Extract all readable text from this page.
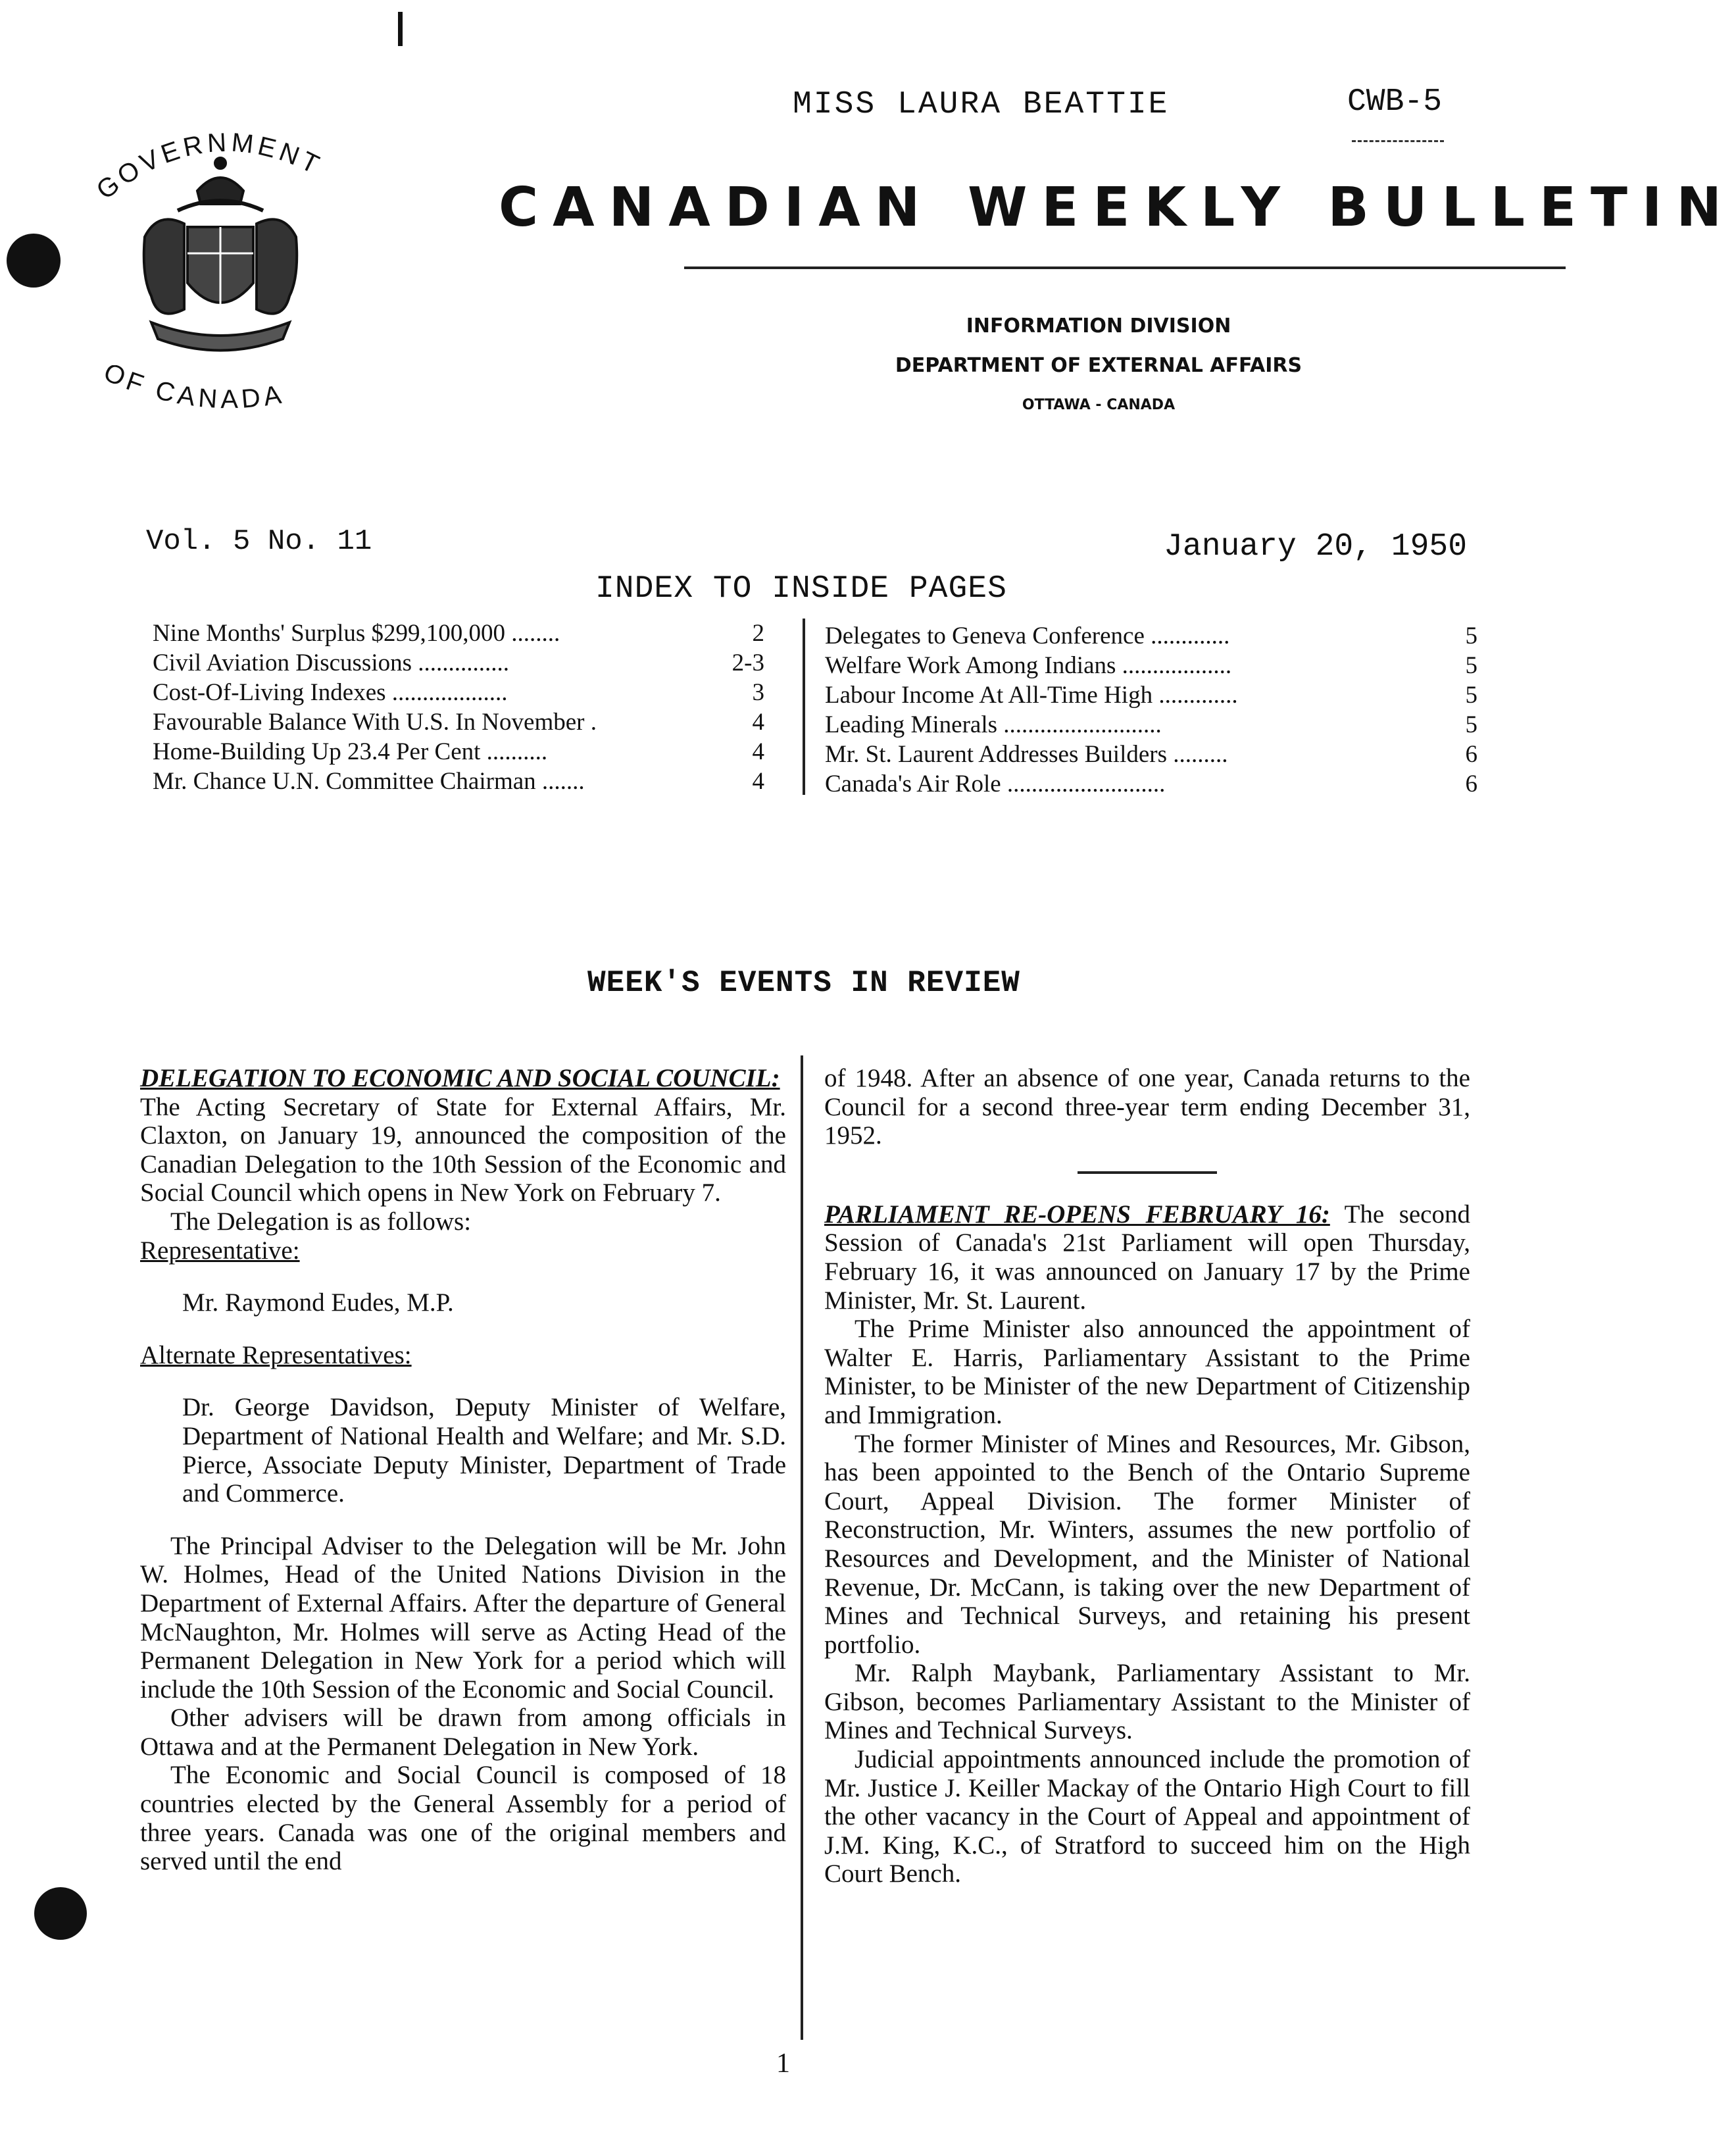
GOVERNMENT
OF CANADA
MISS LAURA BEATTIE	CWB-5
CANADIAN WEEKLY BULLETIN
INFORMATION DIVISION
DEPARTMENT OF EXTERNAL AFFAIRS
OTTAWA - CANADA
Vol. 5 No. 11	January 20, 1950
INDEX TO INSIDE PAGES
Nine Months' Surplus $299,100,000 ........	2
Civil Aviation Discussions ...............	2-3
Cost-Of-Living Indexes ...................	3
Favourable Balance With U.S. In November .	4
Home-Building Up 23.4 Per Cent ..........	4
Mr. Chance U.N. Committee Chairman .......	4
Delegates to Geneva Conference .............	5
Welfare Work Among Indians ..................	5
Labour Income At All-Time High .............	5
Leading Minerals ..........................	5
Mr. St. Laurent Addresses Builders .........	6
Canada's Air Role ..........................	6
WEEK'S EVENTS IN REVIEW

DELEGATION TO ECONOMIC AND SOCIAL COUNCIL:

The Acting Secretary of State for External Affairs, Mr. Claxton, on January 19, announced the composition of the Canadian Delegation to the 10th Session of the Economic and Social Council which opens in New York on February 7.

The Delegation is as follows:

Representative:

Mr. Raymond Eudes, M.P.

Alternate Representatives:

Dr. George Davidson, Deputy Minister of Welfare, Department of National Health and Welfare; and Mr. S.D. Pierce, Associate Deputy Minister, Department of Trade and Commerce.

The Principal Adviser to the Delegation will be Mr. John W. Holmes, Head of the United Nations Division in the Department of External Affairs. After the departure of General McNaughton, Mr. Holmes will serve as Acting Head of the Permanent Delegation in New York for a period which will include the 10th Session of the Economic and Social Council.

Other advisers will be drawn from among officials in Ottawa and at the Permanent Delegation in New York.

The Economic and Social Council is composed of 18 countries elected by the General Assembly for a period of three years. Canada was one of the original members and served until the end

of 1948. After an absence of one year, Canada returns to the Council for a second three-year term ending December 31, 1952.

PARLIAMENT RE-OPENS FEBRUARY 16: The second Session of Canada's 21st Parliament will open Thursday, February 16, it was announced on January 17 by the Prime Minister, Mr. St. Laurent.

The Prime Minister also announced the appointment of Walter E. Harris, Parliamentary Assistant to the Prime Minister, to be Minister of the new Department of Citizenship and Immigration.

The former Minister of Mines and Resources, Mr. Gibson, has been appointed to the Bench of the Ontario Supreme Court, Appeal Division. The former Minister of Reconstruction, Mr. Winters, assumes the new portfolio of Resources and Development, and the Minister of National Revenue, Dr. McCann, is taking over the new Department of Mines and Technical Surveys, and retaining his present portfolio.

Mr. Ralph Maybank, Parliamentary Assistant to Mr. Gibson, becomes Parliamentary Assistant to the Minister of Mines and Technical Surveys.

Judicial appointments announced include the promotion of Mr. Justice J. Keiller Mackay of the Ontario High Court to fill the other vacancy in the Court of Appeal and appointment of J.M. King, K.C., of Stratford to succeed him on the High Court Bench.

1
